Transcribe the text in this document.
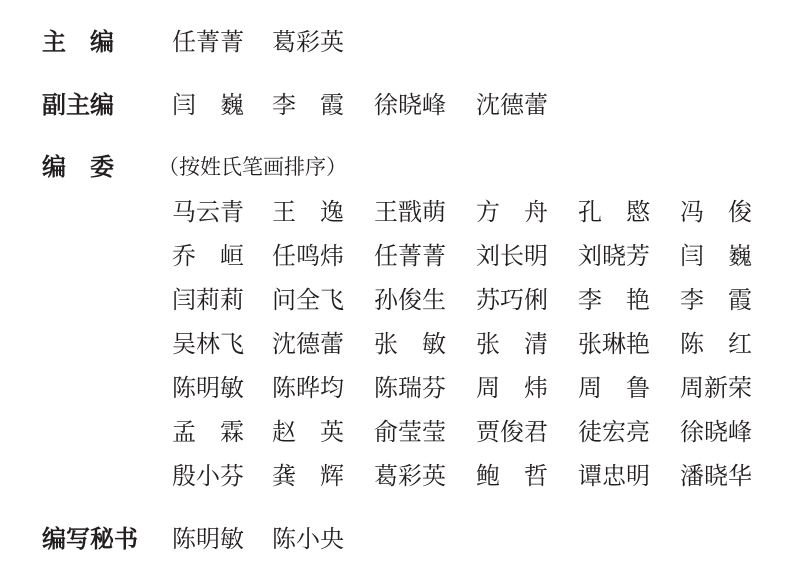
主　编 任菁菁 葛彩英
副主编 闫　巍 李　霞 徐晓峰 沈德蕾
编　委 （按姓氏笔画排序）
马云青 王　逸 王戬萌 方　舟 孔　愍 冯　俊
乔　峘 任鸣炜 任菁菁 刘长明 刘晓芳 闫　巍
闫莉莉 问全飞 孙俊生 苏巧俐 李　艳 李　霞
吴林飞 沈德蕾 张　敏 张　清 张琳艳 陈　红
陈明敏 陈晔均 陈瑞芬 周　炜 周　鲁 周新荣
孟　霖 赵　英 俞莹莹 贾俊君 徒宏亮 徐晓峰
殷小芬 龚　辉 葛彩英 鲍　哲 谭忠明 潘晓华
编写秘书 陈明敏 陈小央
